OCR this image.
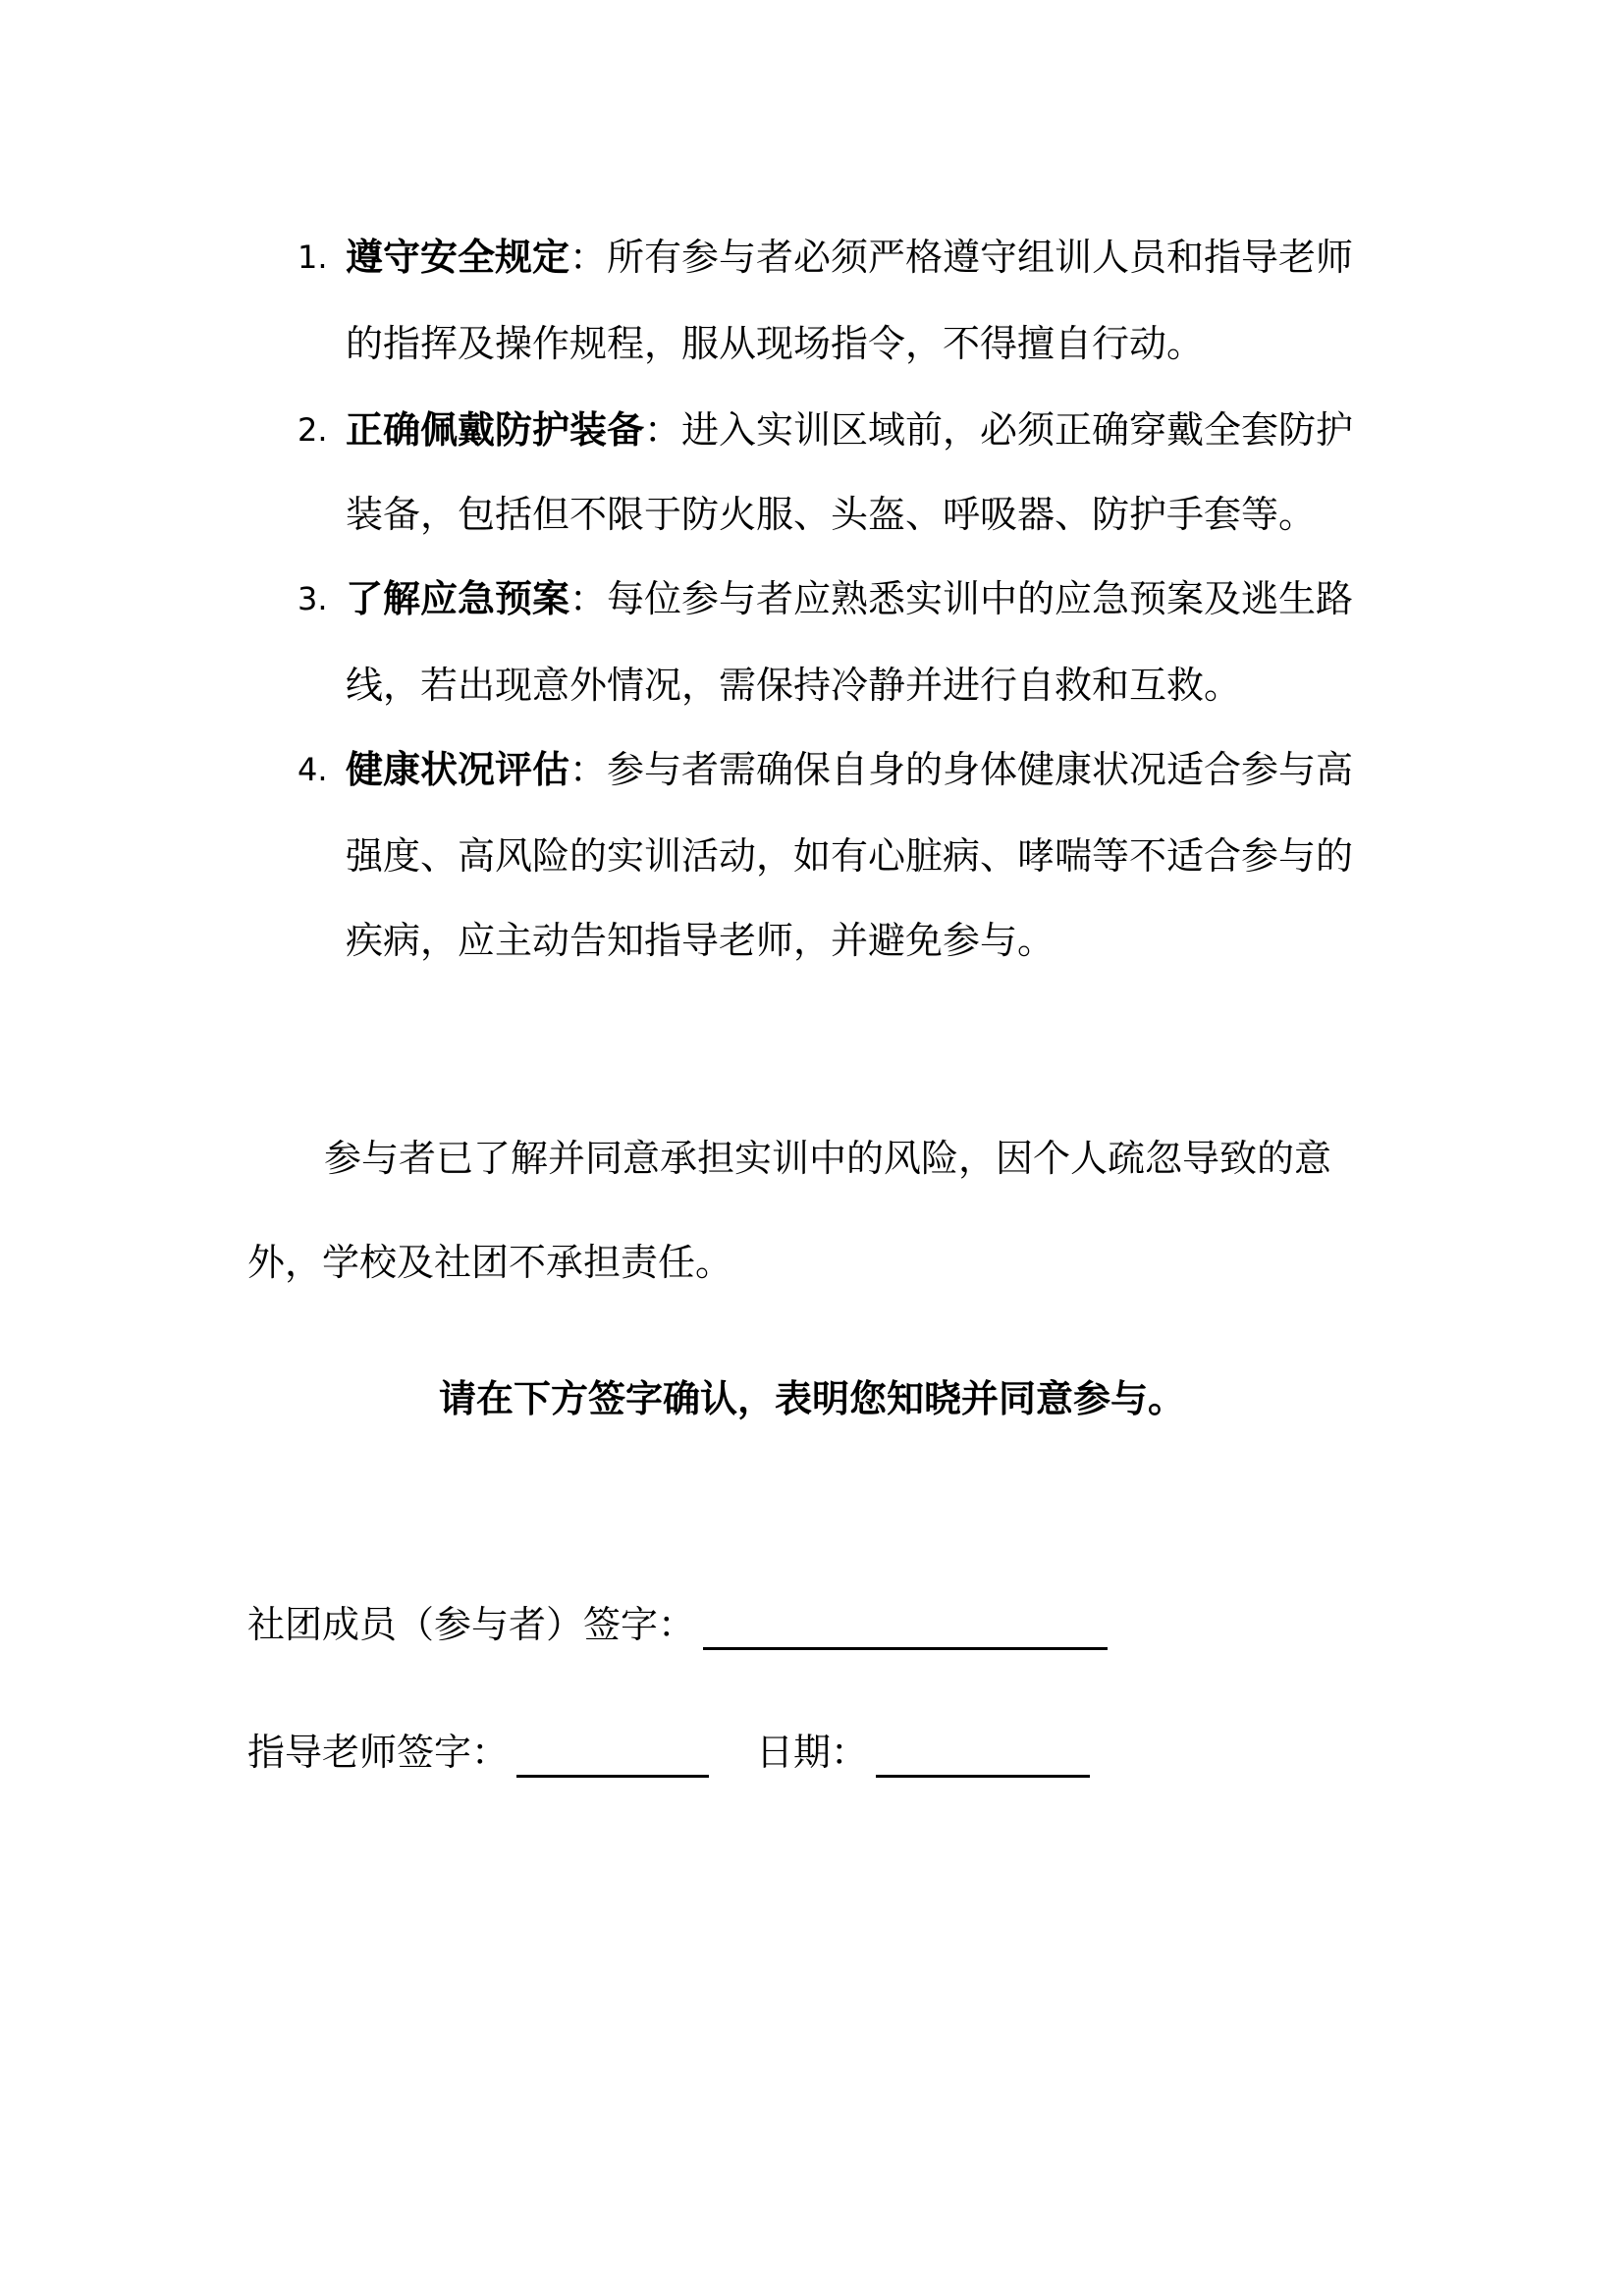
1. 遵守安全规定：所有参与者必须严格遵守组训人员和指导老师
的指挥及操作规程，服从现场指令，不得擅自行动。
2. 正确佩戴防护装备：进入实训区域前，必须正确穿戴全套防护
装备，包括但不限于防火服、头盔、呼吸器、防护手套等。
3. 了解应急预案：每位参与者应熟悉实训中的应急预案及逃生路
线，若出现意外情况，需保持冷静并进行自救和互救。
4. 健康状况评估：参与者需确保自身的身体健康状况适合参与高
强度、高风险的实训活动，如有心脏病、哮喘等不适合参与的
疾病，应主动告知指导老师，并避免参与。
参与者已了解并同意承担实训中的风险，因个人疏忽导致的意
外，学校及社团不承担责任。
请在下方签字确认，表明您知晓并同意参与。
社团成员（参与者）签字：
指导老师签字：	日期：
